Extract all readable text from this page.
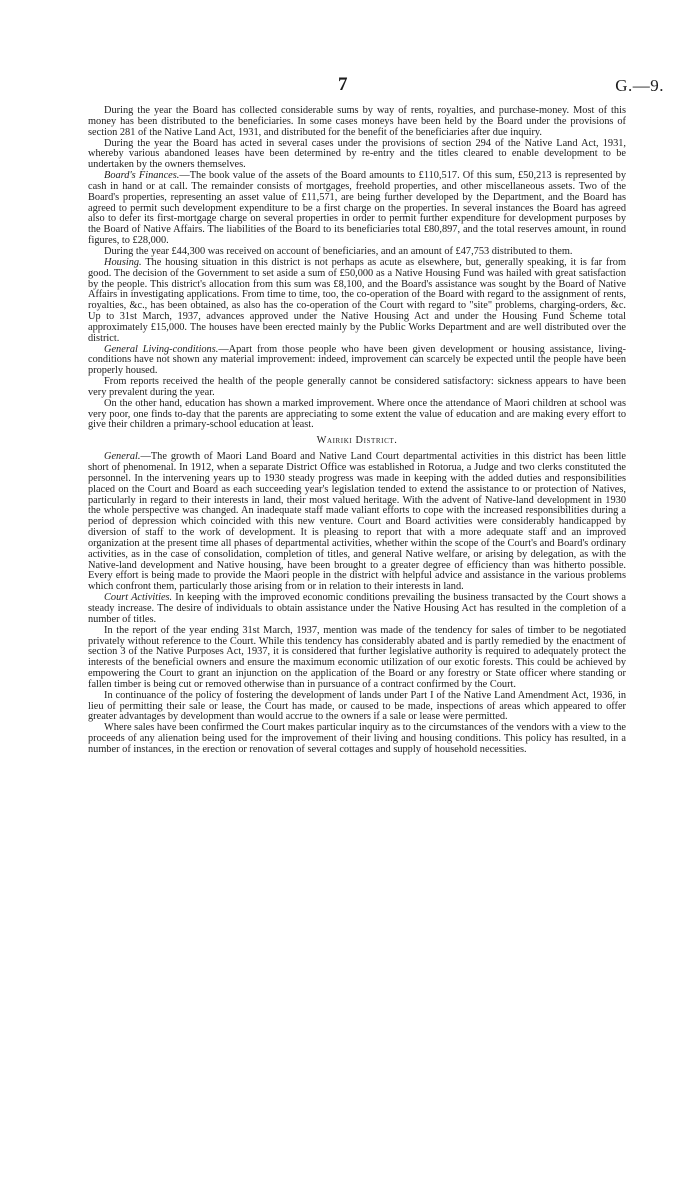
7	G.—9.

During the year the Board has collected considerable sums by way of rents, royalties, and purchase-money. Most of this money has been distributed to the beneficiaries. In some cases moneys have been held by the Board under the provisions of section 281 of the Native Land Act, 1931, and distributed for the benefit of the beneficiaries after due inquiry.

During the year the Board has acted in several cases under the provisions of section 294 of the Native Land Act, 1931, whereby various abandoned leases have been determined by re-entry and the titles cleared to enable development to be undertaken by the owners themselves.

Board's Finances.—The book value of the assets of the Board amounts to £110,517. Of this sum, £50,213 is represented by cash in hand or at call. The remainder consists of mortgages, freehold properties, and other miscellaneous assets. Two of the Board's properties, representing an asset value of £11,571, are being further developed by the Department, and the Board has agreed to permit such development expenditure to be a first charge on the properties. In several instances the Board has agreed also to defer its first-mortgage charge on several properties in order to permit further expenditure for development purposes by the Board of Native Affairs. The liabilities of the Board to its beneficiaries total £80,897, and the total reserves amount, in round figures, to £28,000.

During the year £44,300 was received on account of beneficiaries, and an amount of £47,753 distributed to them.

Housing. The housing situation in this district is not perhaps as acute as elsewhere, but, generally speaking, it is far from good. The decision of the Government to set aside a sum of £50,000 as a Native Housing Fund was hailed with great satisfaction by the people. This district's allocation from this sum was £8,100, and the Board's assistance was sought by the Board of Native Affairs in investigating applications. From time to time, too, the co-operation of the Board with regard to the assignment of rents, royalties, &c., has been obtained, as also has the co-operation of the Court with regard to "site" problems, charging-orders, &c. Up to 31st March, 1937, advances approved under the Native Housing Act and under the Housing Fund Scheme total approximately £15,000. The houses have been erected mainly by the Public Works Department and are well distributed over the district.

General Living-conditions.—Apart from those people who have been given development or housing assistance, living-conditions have not shown any material improvement: indeed, improvement can scarcely be expected until the people have been properly housed.

From reports received the health of the people generally cannot be considered satisfactory: sickness appears to have been very prevalent during the year.

On the other hand, education has shown a marked improvement. Where once the attendance of Maori children at school was very poor, one finds to-day that the parents are appreciating to some extent the value of education and are making every effort to give their children a primary-school education at least.

Wairiki District.

General.—The growth of Maori Land Board and Native Land Court departmental activities in this district has been little short of phenomenal. In 1912, when a separate District Office was established in Rotorua, a Judge and two clerks constituted the personnel. In the intervening years up to 1930 steady progress was made in keeping with the added duties and responsibilities placed on the Court and Board as each succeeding year's legislation tended to extend the assistance to or protection of Natives, particularly in regard to their interests in land, their most valued heritage. With the advent of Native-land development in 1930 the whole perspective was changed. An inadequate staff made valiant efforts to cope with the increased responsibilities during a period of depression which coincided with this new venture. Court and Board activities were considerably handicapped by diversion of staff to the work of development. It is pleasing to report that with a more adequate staff and an improved organization at the present time all phases of departmental activities, whether within the scope of the Court's and Board's ordinary activities, as in the case of consolidation, completion of titles, and general Native welfare, or arising by delegation, as with the Native-land development and Native housing, have been brought to a greater degree of efficiency than was hitherto possible. Every effort is being made to provide the Maori people in the district with helpful advice and assistance in the various problems which confront them, particularly those arising from or in relation to their interests in land.

Court Activities. In keeping with the improved economic conditions prevailing the business transacted by the Court shows a steady increase. The desire of individuals to obtain assistance under the Native Housing Act has resulted in the completion of a number of titles.

In the report of the year ending 31st March, 1937, mention was made of the tendency for sales of timber to be negotiated privately without reference to the Court. While this tendency has considerably abated and is partly remedied by the enactment of section 3 of the Native Purposes Act, 1937, it is considered that further legislative authority is required to adequately protect the interests of the beneficial owners and ensure the maximum economic utilization of our exotic forests. This could be achieved by empowering the Court to grant an injunction on the application of the Board or any forestry or State officer where standing or fallen timber is being cut or removed otherwise than in pursuance of a contract confirmed by the Court.

In continuance of the policy of fostering the development of lands under Part I of the Native Land Amendment Act, 1936, in lieu of permitting their sale or lease, the Court has made, or caused to be made, inspections of areas which appeared to offer greater advantages by development than would accrue to the owners if a sale or lease were permitted.

Where sales have been confirmed the Court makes particular inquiry as to the circumstances of the vendors with a view to the proceeds of any alienation being used for the improvement of their living and housing conditions. This policy has resulted, in a number of instances, in the erection or renovation of several cottages and supply of household necessities.
